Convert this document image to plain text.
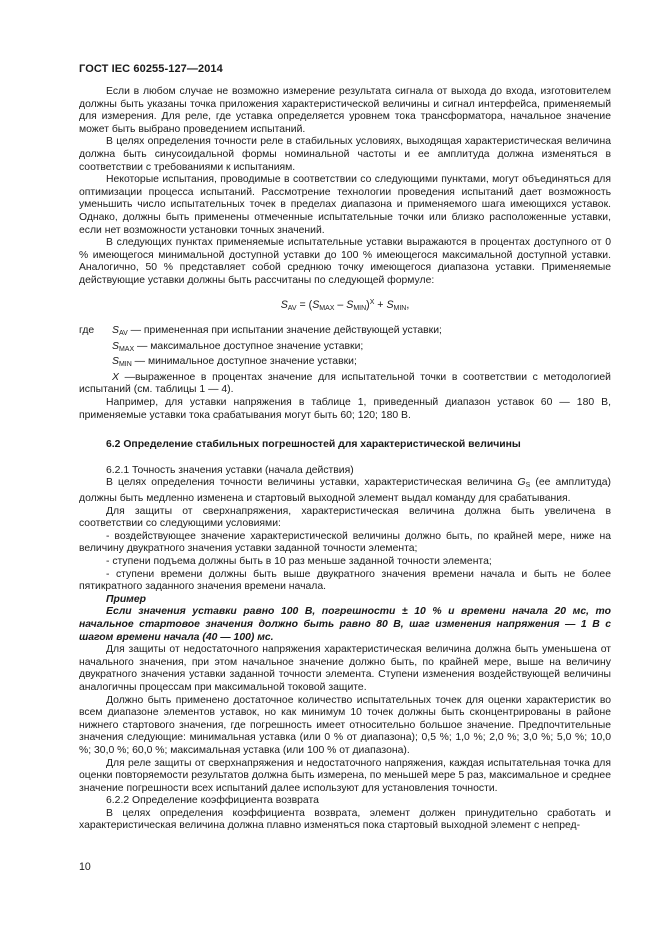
ГОСТ IEC 60255-127—2014

Если в любом случае не возможно измерение результата сигнала от выхода до входа, изготовителем должны быть указаны точка приложения характеристической величины и сигнал интерфейса, применяемый для измерения. Для реле, где уставка определяется уровнем тока трансформатора, начальное значение может быть выбрано проведением испытаний.

В целях определения точности реле в стабильных условиях, выходящая характеристическая величина должна быть синусоидальной формы номинальной частоты и ее амплитуда должна изменяться в соответствии с требованиями к испытаниям.

Некоторые испытания, проводимые в соответствии со следующими пунктами, могут объединяться для оптимизации процесса испытаний. Рассмотрение технологии проведения испытаний дает возможность уменьшить число испытательных точек в пределах диапазона и применяемого шага имеющихся уставок. Однако, должны быть применены отмеченные испытательные точки или близко расположенные уставки, если нет возможности установки точных значений.

В следующих пунктах применяемые испытательные уставки выражаются в процентах доступного от 0 % имеющегося минимальной доступной уставки до 100 % имеющегося максимальной доступной уставки. Аналогично, 50 % представляет собой среднюю точку имеющегося диапазона уставки. Применяемые действующие уставки должны быть рассчитаны по следующей формуле:

$S_{AV} = (S_{MAX} - S_{MIN})^X + S_{MIN}$,
где $S_{AV}$ — примененная при испытании значение действующей уставки;
$S_{MAX}$ — максимальное доступное значение уставки;
$S_{MIN}$ — минимальное доступное значение уставки;

X —выраженное в процентах значение для испытательной точки в соответствии с методологией испытаний (см. таблицы 1 — 4).

Например, для уставки напряжения в таблице 1, приведенный диапазон уставок 60 — 180 В, применяемые уставки тока срабатывания могут быть 60; 120; 180 В.

6.2 Определение стабильных погрешностей для характеристической величины

6.2.1 Точность значения уставки (начала действия)

В целях определения точности величины уставки, характеристическая величина $G_S$ (ее амплитуда) должны быть медленно изменена и стартовый выходной элемент выдал команду для срабатывания.

Для защиты от сверхнапряжения, характеристическая величина должна быть увеличена в соответствии со следующими условиями:

- воздействующее значение характеристической величины должно быть, по крайней мере, ниже на величину двукратного значения уставки заданной точности элемента;

- ступени подъема должны быть в 10 раз меньше заданной точности элемента;

- ступени времени должны быть выше двукратного значения времени начала и быть не более пятикратного заданного значения времени начала.

Пример

Если значения уставки равно 100 В, погрешности ± 10 % и времени начала 20 мс, то начальное стартовое значения должно быть равно 80 В, шаг изменения напряжения — 1 В с шагом времени начала (40 — 100) мс.

Для защиты от недостаточного напряжения характеристическая величина должна быть уменьшена от начального значения, при этом начальное значение должно быть, по крайней мере, выше на величину двукратного значения уставки заданной точности элемента. Ступени изменения воздействующей величины аналогичны процессам при максимальной токовой защите.

Должно быть применено достаточное количество испытательных точек для оценки характеристик во всем диапазоне элементов уставок, но как минимум 10 точек должны быть сконцентрированы в районе нижнего стартового значения, где погрешность имеет относительно большое значение. Предпочтительные значения следующие: минимальная уставка (или 0 % от диапазона); 0,5 %; 1,0 %; 2,0 %; 3,0 %; 5,0 %; 10,0 %; 30,0 %; 60,0 %; максимальная уставка (или 100 % от диапазона).

Для реле защиты от сверхнапряжения и недостаточного напряжения, каждая испытательная точка для оценки повторяемости результатов должна быть измерена, по меньшей мере 5 раз, максимальное и среднее значение погрешности всех испытаний далее используют для установления точности.

6.2.2 Определение коэффициента возврата

В целях определения коэффициента возврата, элемент должен принудительно сработать и характеристическая величина должна плавно изменяться пока стартовый выходной элемент с непред-

10
